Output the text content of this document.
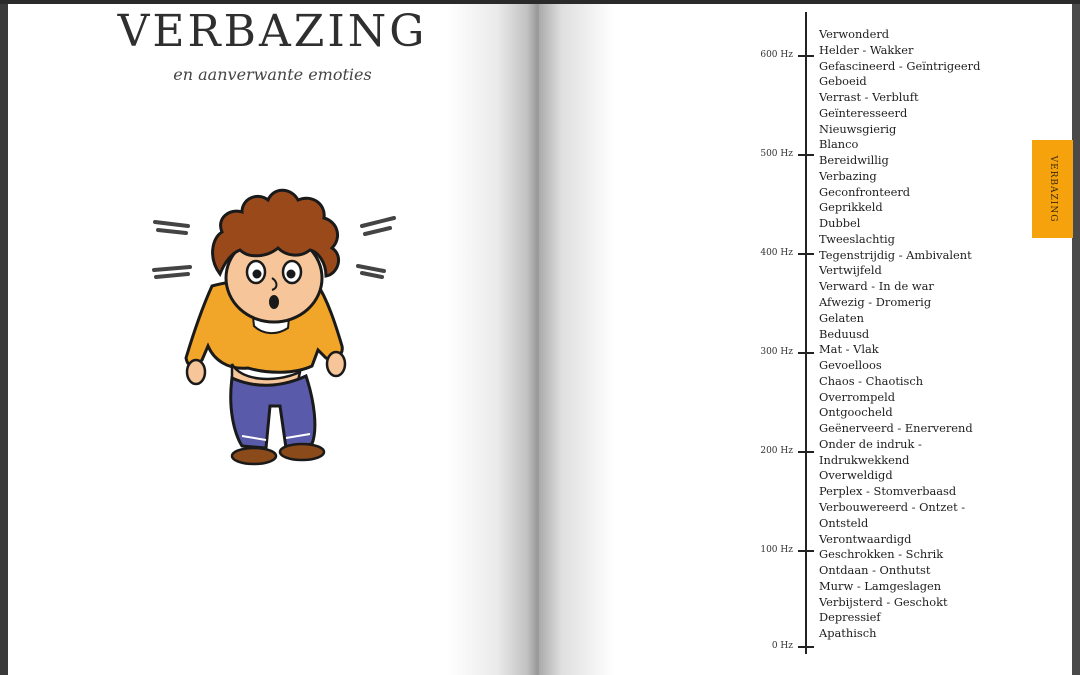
VERBAZING
en aanverwante emoties
VERBAZING
600 Hz
500 Hz
400 Hz
300 Hz
200 Hz
100 Hz
0 Hz
Verwonderd
Helder - Wakker
Gefascineerd - Geïntrigeerd
Geboeid
Verrast - Verbluft
Geïnteresseerd
Nieuwsgierig
Blanco
Bereidwillig
Verbazing
Geconfronteerd
Geprikkeld
Dubbel
Tweeslachtig
Tegenstrijdig - Ambivalent
Vertwijfeld
Verward - In de war
Afwezig - Dromerig
Gelaten
Beduusd
Mat - Vlak
Gevoelloos
Chaos - Chaotisch
Overrompeld
Ontgoocheld
Geënerveerd - Enerverend
Onder de indruk -
Indrukwekkend
Overweldigd
Perplex - Stomverbaasd
Verbouwereerd - Ontzet -
Ontsteld
Verontwaardigd
Geschrokken - Schrik
Ontdaan - Onthutst
Murw - Lamgeslagen
Verbijsterd - Geschokt
Depressief
Apathisch
